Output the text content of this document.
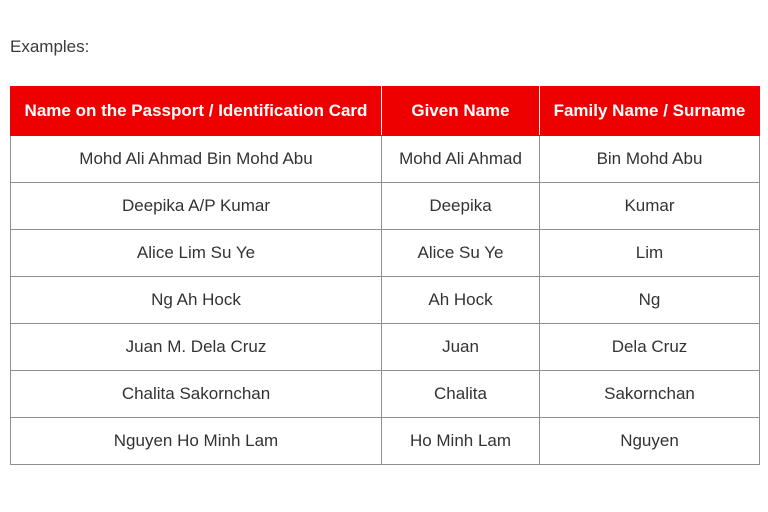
Examples:

Name on the Passport / Identification Card	Given Name	Family Name / Surname
Mohd Ali Ahmad Bin Mohd Abu	Mohd Ali Ahmad	Bin Mohd Abu
Deepika A/P Kumar	Deepika	Kumar
Alice Lim Su Ye	Alice Su Ye	Lim
Ng Ah Hock	Ah Hock	Ng
Juan M. Dela Cruz	Juan	Dela Cruz
Chalita Sakornchan	Chalita	Sakornchan
Nguyen Ho Minh Lam	Ho Minh Lam	Nguyen
